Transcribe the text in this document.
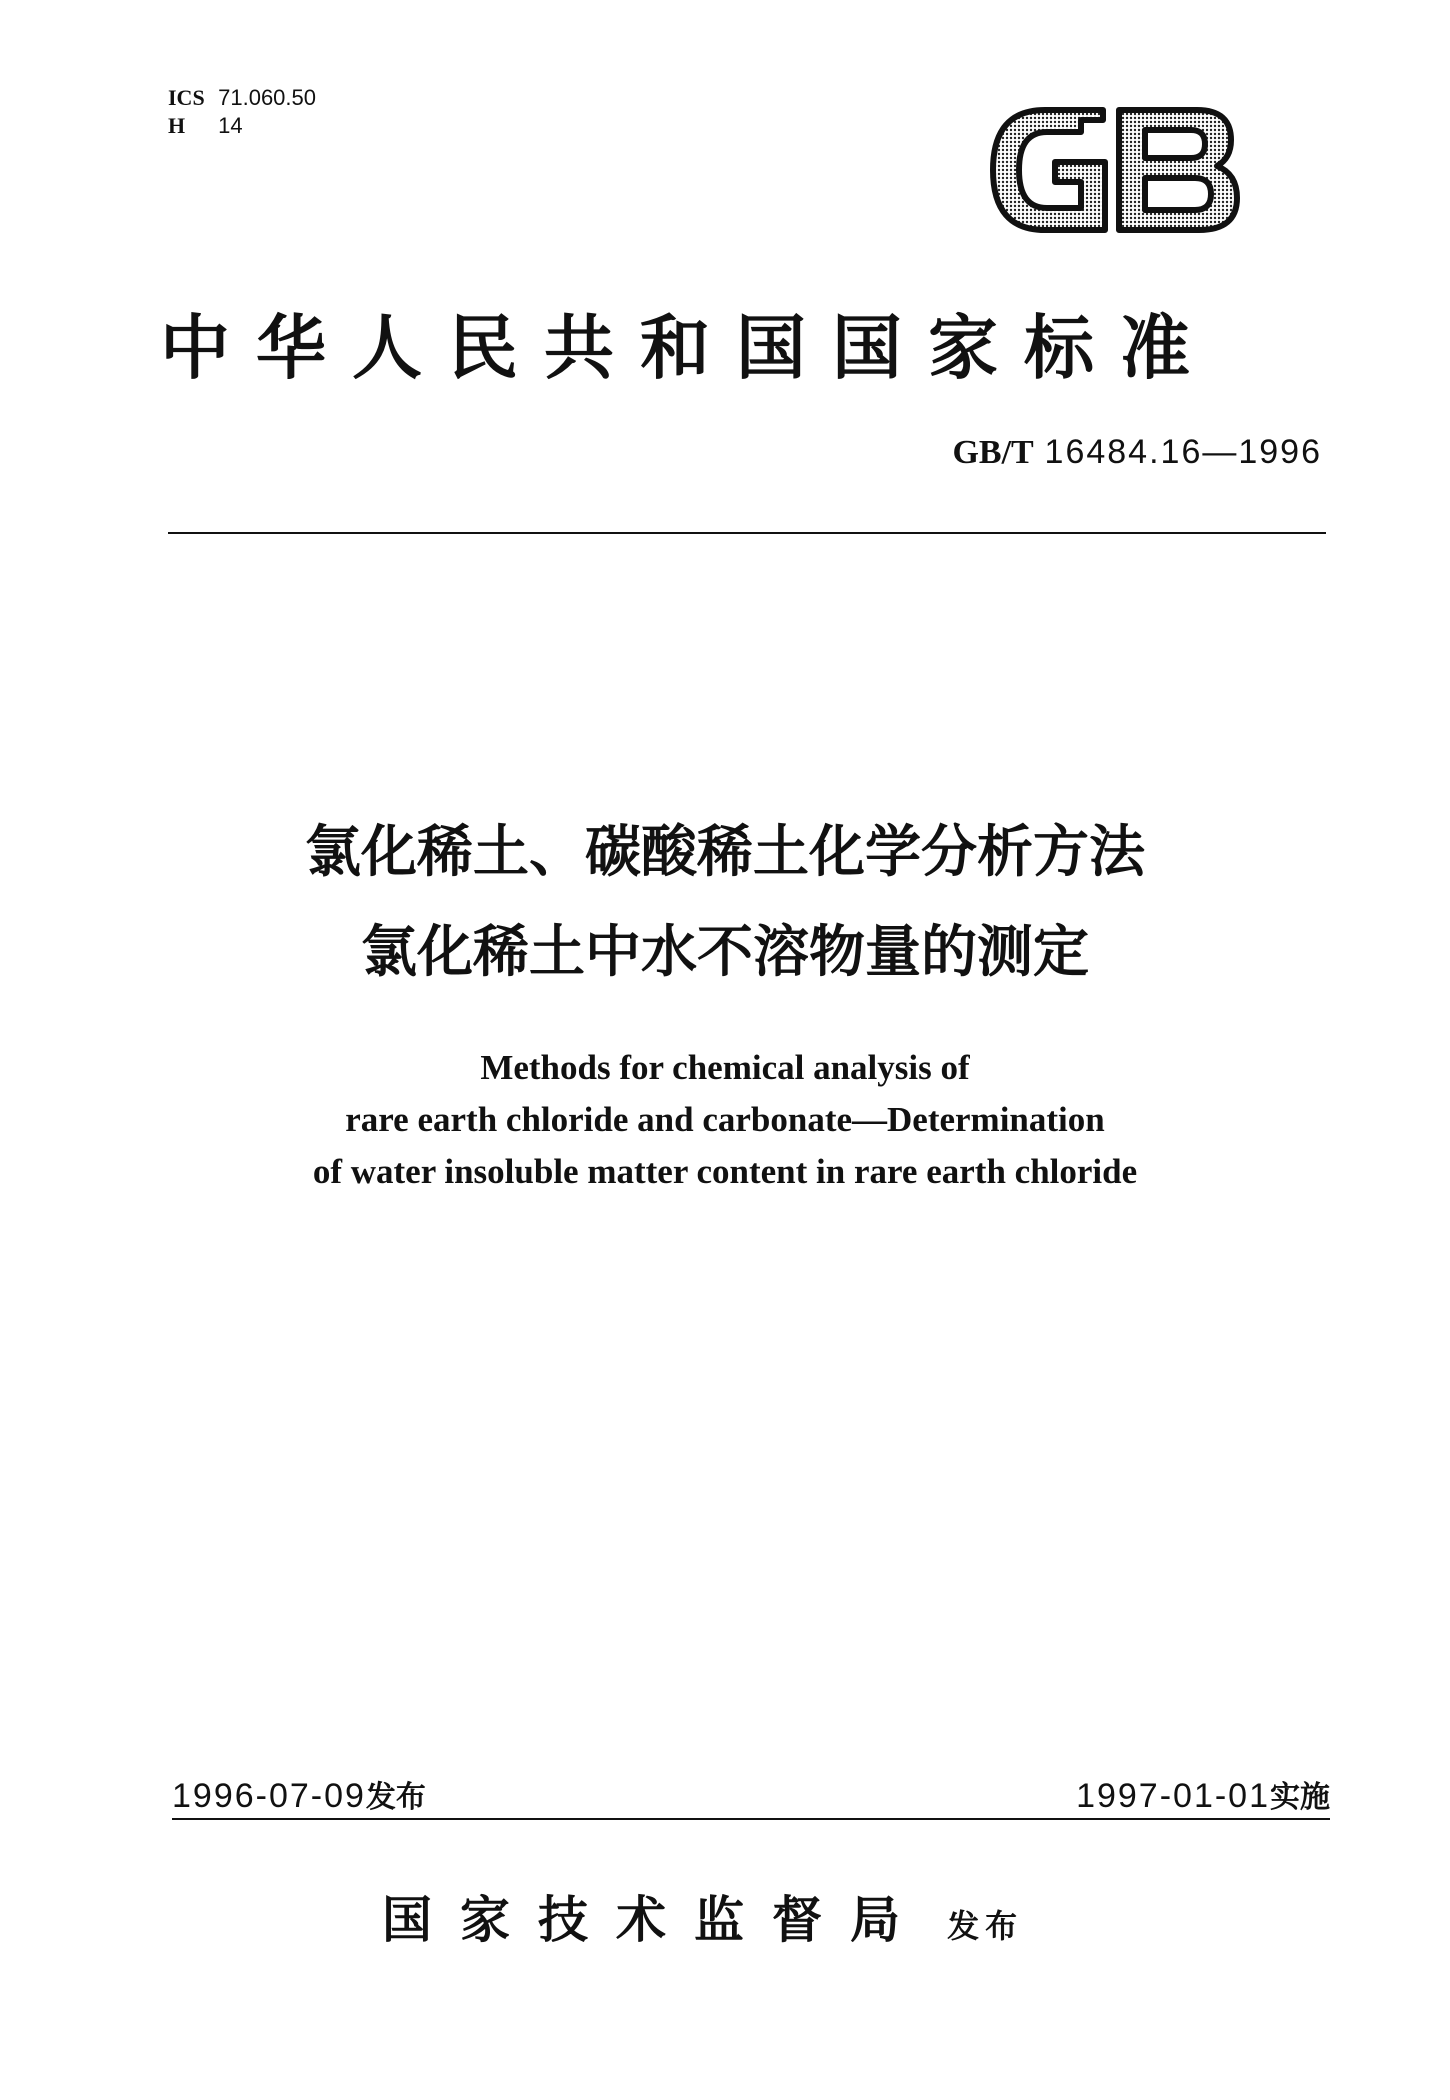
ICS 71.060.50
H 14
中华人民共和国国家标准
GB/T 16484.16—1996
氯化稀土、碳酸稀土化学分析方法
氯化稀土中水不溶物量的测定
Methods for chemical analysis of
rare earth chloride and carbonate—Determination
of water insoluble matter content in rare earth chloride
1996-07-09发布	1997-01-01实施
国家技术监督局 发布
